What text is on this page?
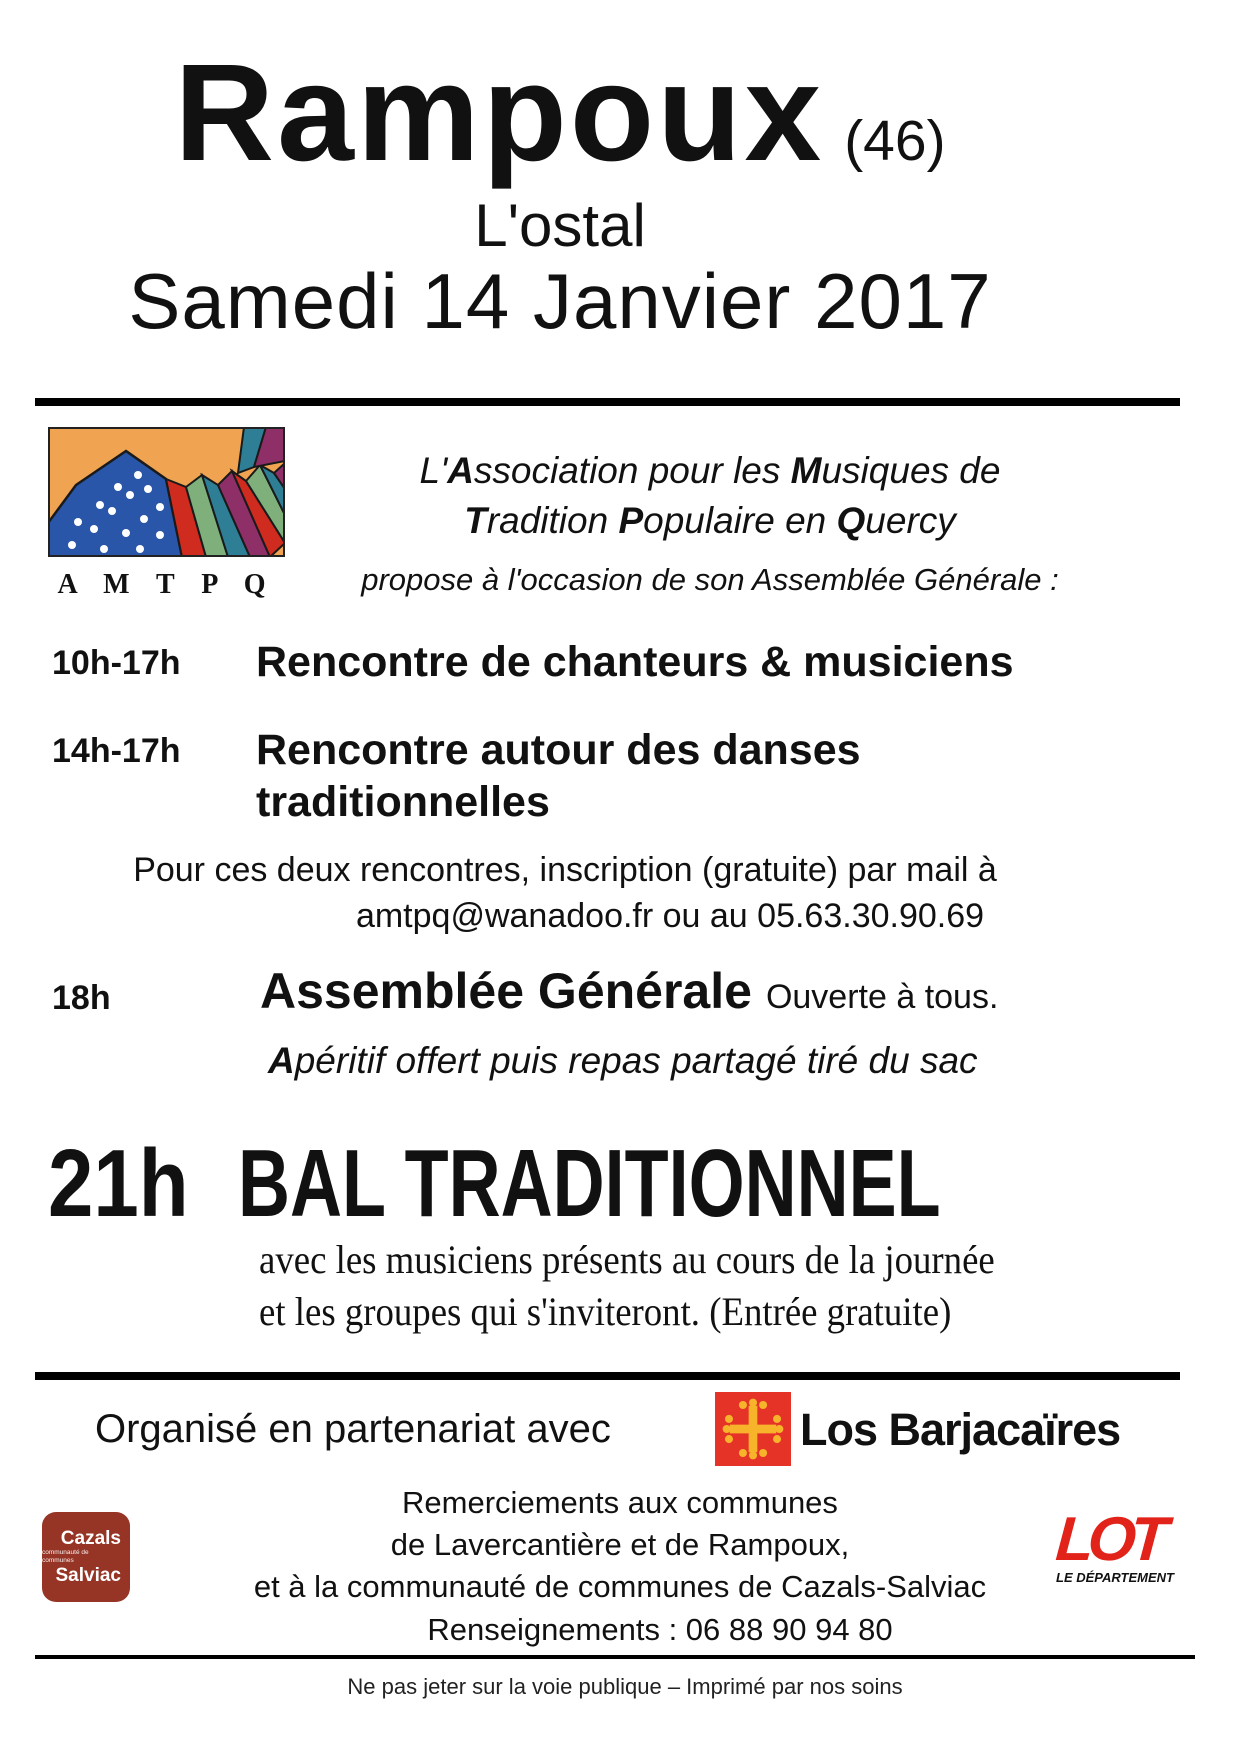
Rampoux (46)
L'ostal
Samedi 14 Janvier 2017
A M T P Q
L'Association pour les Musiques de
Tradition Populaire en Quercy
propose à l'occasion de son Assemblée Générale :
10h-17h Rencontre de chanteurs & musiciens
14h-17h Rencontre autour des danses
traditionnelles
Pour ces deux rencontres, inscription (gratuite) par mail à
amtpq@wanadoo.fr ou au 05.63.30.90.69
18h	Assemblée Générale Ouverte à tous.
Apéritif offert puis repas partagé tiré du sac
21h BAL TRADITIONNEL
avec les musiciens présents au cours de la journée
et les groupes qui s'inviteront. (Entrée gratuite)
Organisé en partenariat avec	Los Barjacaïres
Remerciements aux communes
de Lavercantière et de Rampoux,
et à la communauté de communes de Cazals-Salviac
Renseignements : 06 88 90 94 80
Cazals
communauté de communes
Salviac
LOT
LE DÉPARTEMENT
Ne pas jeter sur la voie publique – Imprimé par nos soins
